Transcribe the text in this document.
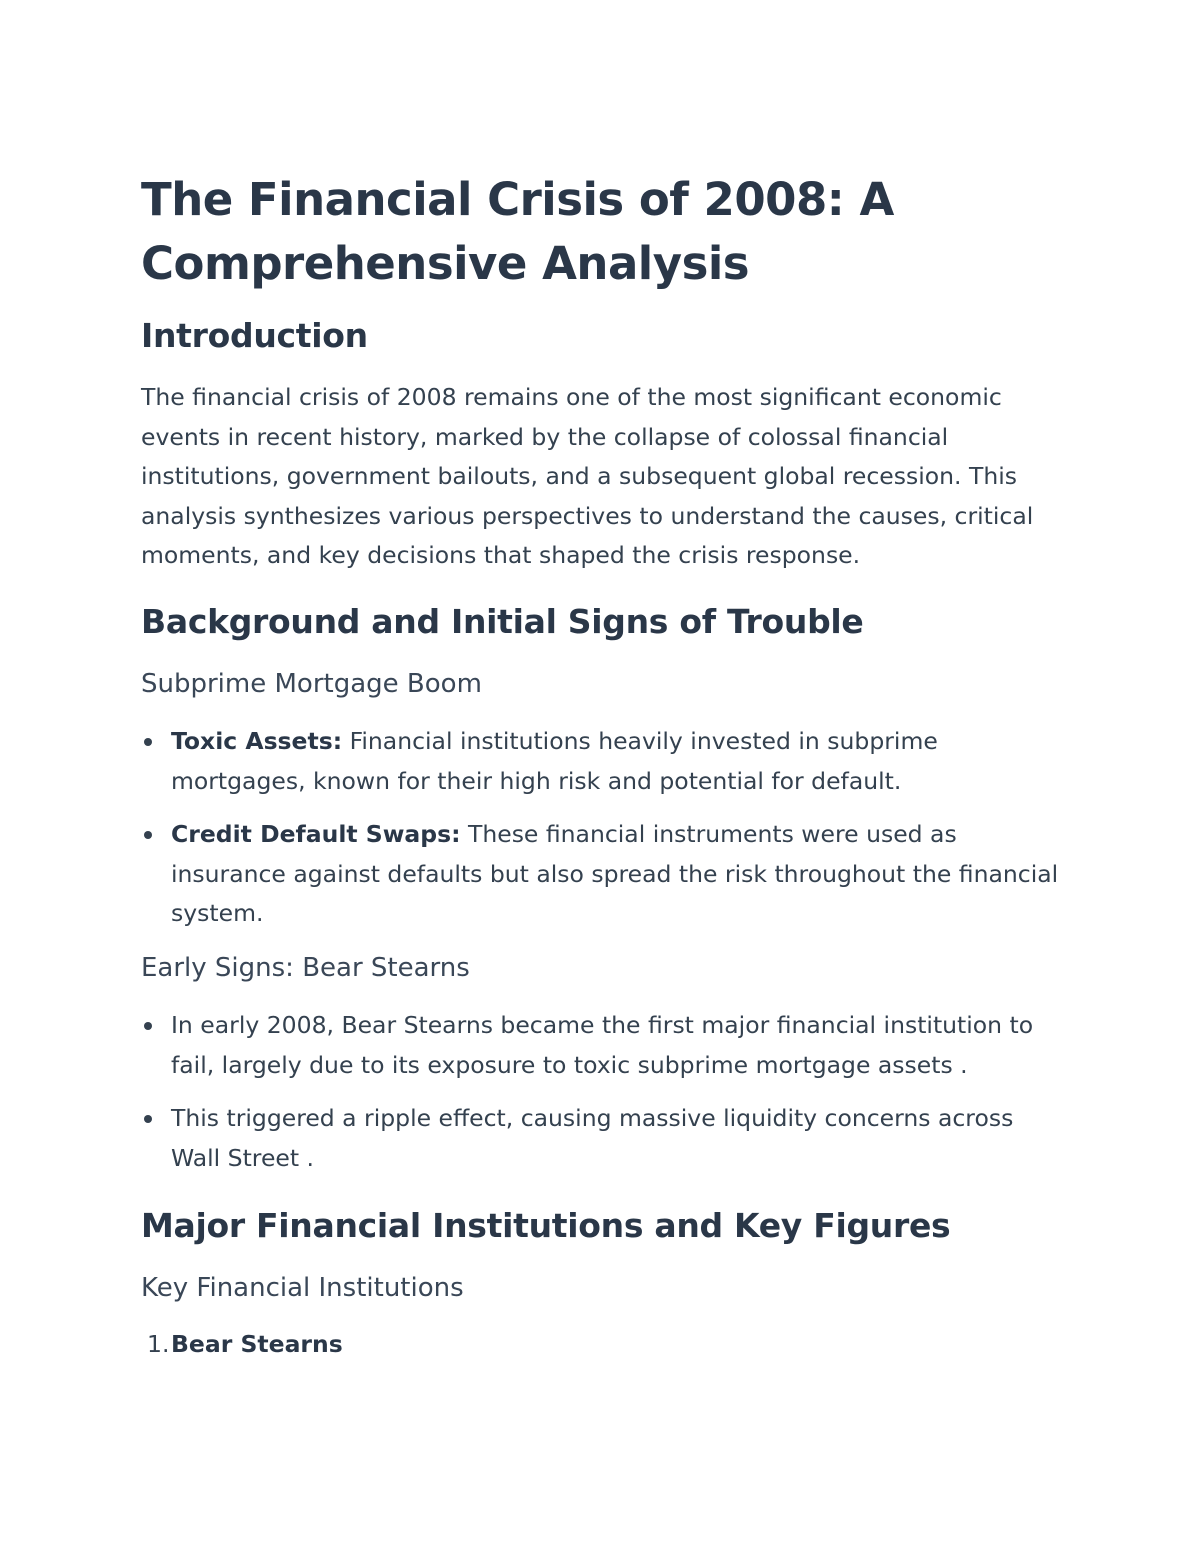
The Financial Crisis of 2008: A Comprehensive Analysis
Introduction

The financial crisis of 2008 remains one of the most significant economic events in recent history, marked by the collapse of colossal financial institutions, government bailouts, and a subsequent global recession. This analysis synthesizes various perspectives to understand the causes, critical moments, and key decisions that shaped the crisis response.

Background and Initial Signs of Trouble
Subprime Mortgage Boom
Toxic Assets: Financial institutions heavily invested in subprime mortgages, known for their high risk and potential for default.
Credit Default Swaps: These financial instruments were used as insurance against defaults but also spread the risk throughout the financial system.
Early Signs: Bear Stearns
In early 2008, Bear Stearns became the first major financial institution to fail, largely due to its exposure to toxic subprime mortgage assets .
This triggered a ripple effect, causing massive liquidity concerns across Wall Street .
Major Financial Institutions and Key Figures
Key Financial Institutions
1. Bear Stearns
